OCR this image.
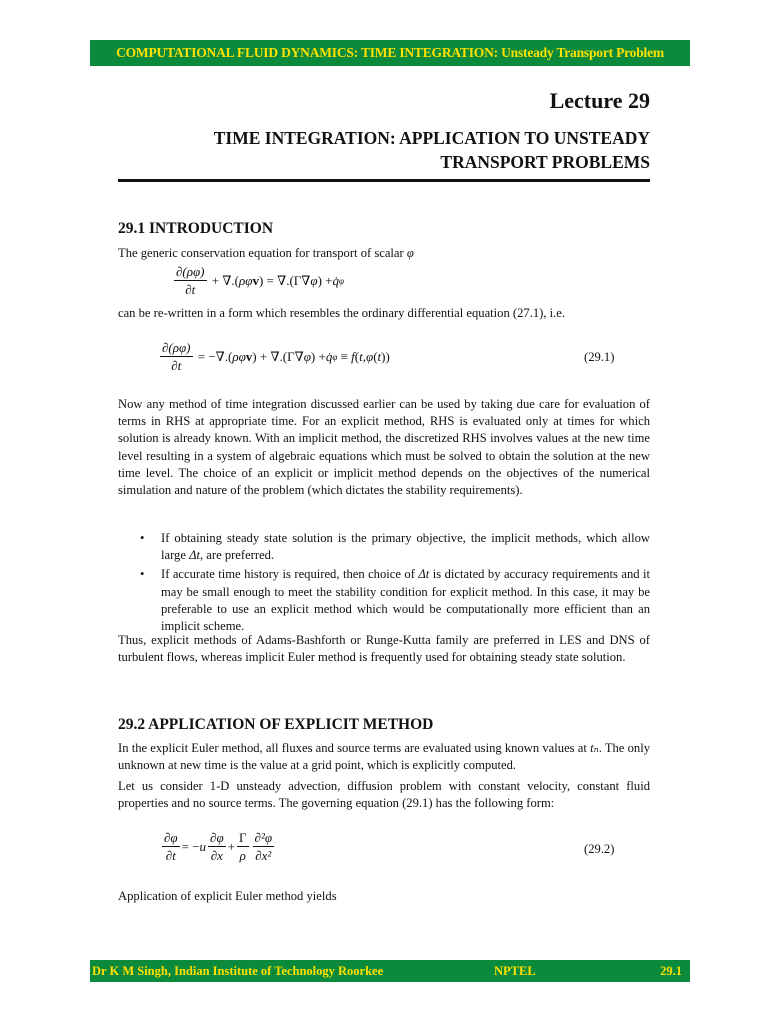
COMPUTATIONAL FLUID DYNAMICS: TIME INTEGRATION: Unsteady Transport Problem
Lecture 29
TIME INTEGRATION: APPLICATION TO UNSTEADY
TRANSPORT PROBLEMS
29.1 INTRODUCTION
The generic conservation equation for transport of scalar φ
$\frac{\partial(\rho\varphi)}{\partial t}$ + ∇.( ρφ v ) = ∇.(Γ∇ φ ) + q̇ φ
can be re-written in a form which resembles the ordinary differential equation (27.1), i.e.
$\frac{\partial(\rho\varphi)}{\partial t}$ = −∇.( ρφ v ) + ∇.(Γ∇ φ ) + q̇ φ ≡ f ( t , φ ( t ))	(29.1)
Now any method of time integration discussed earlier can be used by taking due care for evaluation of terms in RHS at appropriate time. For an explicit method, RHS is evaluated only at times for which solution is already known. With an implicit method, the discretized RHS involves values at the new time level resulting in a system of algebraic equations which must be solved to obtain the solution at the new time level. The choice of an explicit or implicit method depends on the objectives of the numerical simulation and nature of the problem (which dictates the stability requirements).
• If obtaining steady state solution is the primary objective, the implicit methods, which allow large Δt, are preferred.
• If accurate time history is required, then choice of Δt is dictated by accuracy requirements and it may be small enough to meet the stability condition for explicit method. In this case, it may be preferable to use an explicit method which would be computationally more efficient than an implicit scheme.
Thus, explicit methods of Adams-Bashforth or Runge-Kutta family are preferred in LES and DNS of turbulent flows, whereas implicit Euler method is frequently used for obtaining steady state solution.
29.2 APPLICATION OF EXPLICIT METHOD
In the explicit Euler method, all fluxes and source terms are evaluated using known values at tₙ. The only unknown at new time is the value at a grid point, which is explicitly computed.
Let us consider 1-D unsteady advection, diffusion problem with constant velocity, constant fluid properties and no source terms. The governing equation (29.1) has the following form:
$\frac{\partial\varphi}{\partial t}$ = − u $\frac{\partial\varphi}{\partial x} + \frac{\Gamma}{\rho} \frac{\text{∂²φ}}{\text{∂x²}}$	(29.2)
Application of explicit Euler method yields
Dr K M Singh, Indian Institute of Technology Roorkee	NPTEL	29.1
